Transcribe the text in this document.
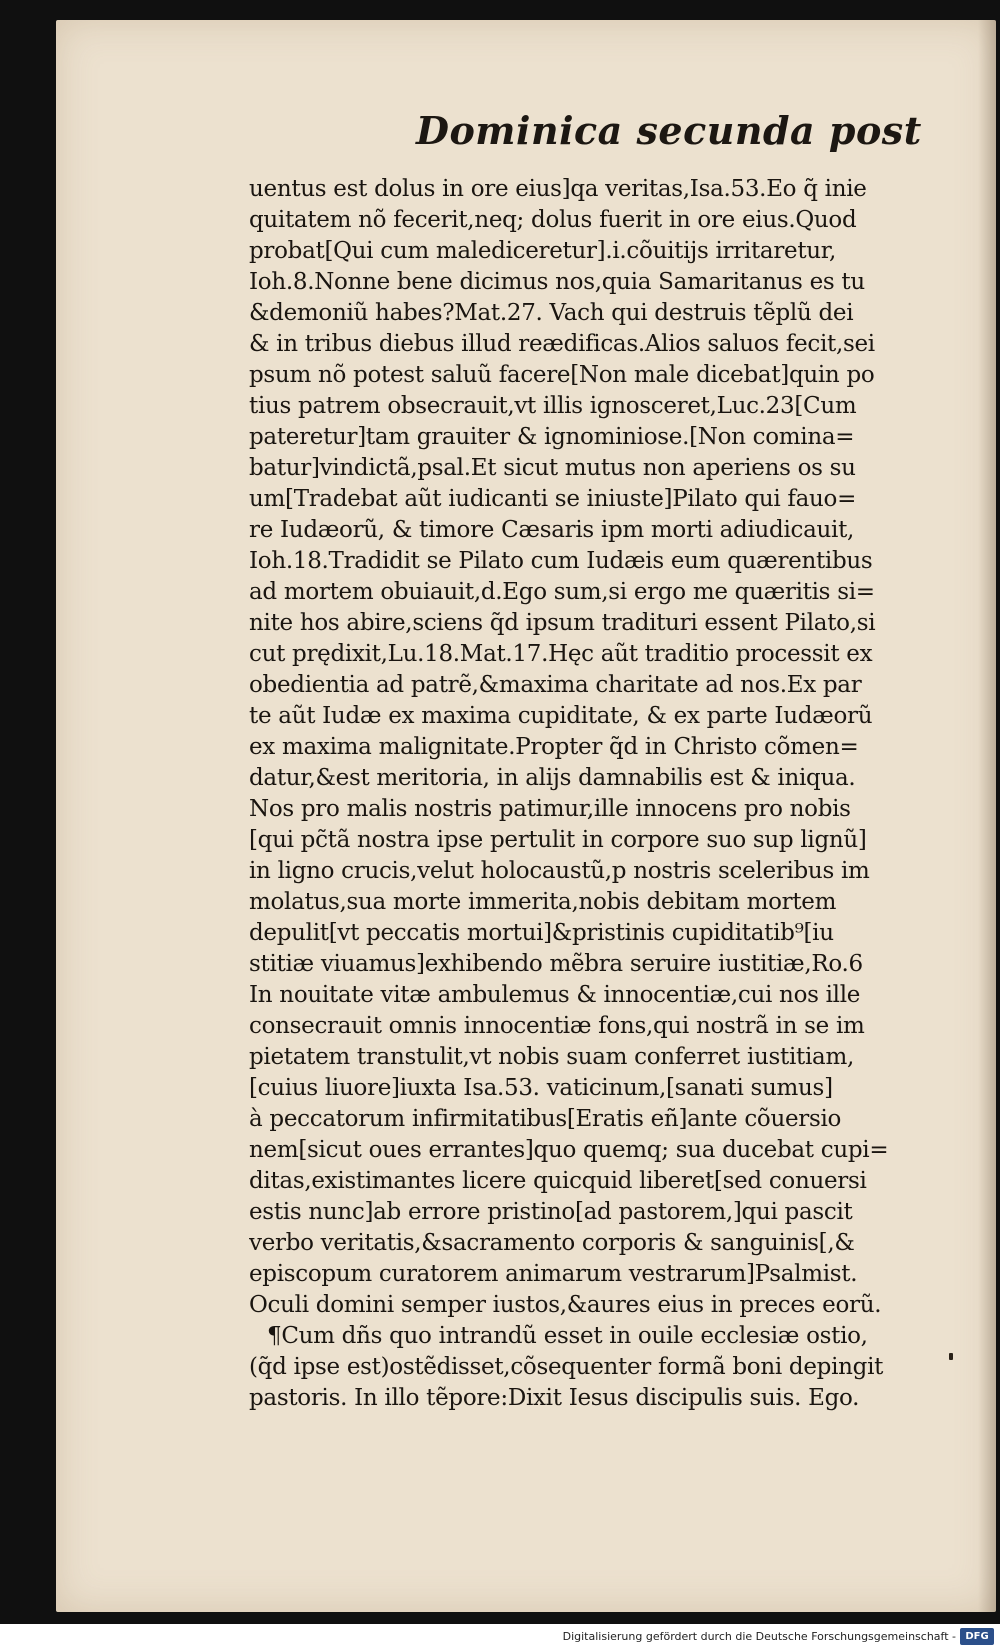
Dominica secunda post
uentus est dolus in ore eius]qa veritas,Isa.53.Eo q̃ inie
quitatem nõ fecerit,neq; dolus fuerit in ore eius.Quod
probat[Qui cum malediceretur].i.cõuitijs irritaretur,
Ioh.8.Nonne bene dicimus nos,quia Samaritanus es tu
&demoniũ habes?Mat.27. Vach qui destruis tẽplũ dei
& in tribus diebus illud reædificas.Alios saluos fecit,sei
psum nõ potest saluũ facere[Non male dicebat]quin po
tius patrem obsecrauit,vt illis ignosceret,Luc.23[Cum
pateretur]tam grauiter & ignominiose.[Non comina=
batur]vindictã,psal.Et sicut mutus non aperiens os su
um[Tradebat aũt iudicanti se iniuste]Pilato qui fauo=
re Iudæorũ, & timore Cæsaris ipm morti adiudicauit,
Ioh.18.Tradidit se Pilato cum Iudæis eum quærentibus
ad mortem obuiauit,d.Ego sum,si ergo me quæritis si=
nite hos abire,sciens q̃d ipsum tradituri essent Pilato,si
cut prędixit,Lu.18.Mat.17.Hęc aũt traditio processit ex
obedientia ad patrẽ,&maxima charitate ad nos.Ex par
te aũt Iudæ ex maxima cupiditate, & ex parte Iudæorũ
ex maxima malignitate.Propter q̃d in Christo cõmen=
datur,&est meritoria, in alijs damnabilis est & iniqua.
Nos pro malis nostris patimur,ille innocens pro nobis
[qui pc̃tã nostra ipse pertulit in corpore suo sup lignũ]
in ligno crucis,velut holocaustũ,p nostris sceleribus im
molatus,sua morte immerita,nobis debitam mortem
depulit[vt peccatis mortui]&pristinis cupiditatib⁹[iu
stitiæ viuamus]exhibendo mẽbra seruire iustitiæ,Ro.6
In nouitate vitæ ambulemus & innocentiæ,cui nos ille
consecrauit omnis innocentiæ fons,qui nostrã in se im
pietatem transtulit,vt nobis suam conferret iustitiam,
[cuius liuore]iuxta Isa.53. vaticinum,[sanati sumus]
à peccatorum infirmitatibus[Eratis eñ]ante cõuersio
nem[sicut oues errantes]quo quemq; sua ducebat cupi=
ditas,existimantes licere quicquid liberet[sed conuersi
estis nunc]ab errore pristino[ad pastorem,]qui pascit
verbo veritatis,&sacramento corporis & sanguinis[,&
episcopum curatorem animarum vestrarum]Psalmist.
Oculi domini semper iustos,&aures eius in preces eorũ.
¶Cum dñs quo intrandũ esset in ouile ecclesiæ ostio,
(q̃d ipse est)ostẽdisset,cõsequenter formã boni depingit
pastoris. In illo tẽpore:Dixit Iesus discipulis suis. Ego.
Digitalisierung gefördert durch die Deutsche Forschungsgemeinschaft - DFG
